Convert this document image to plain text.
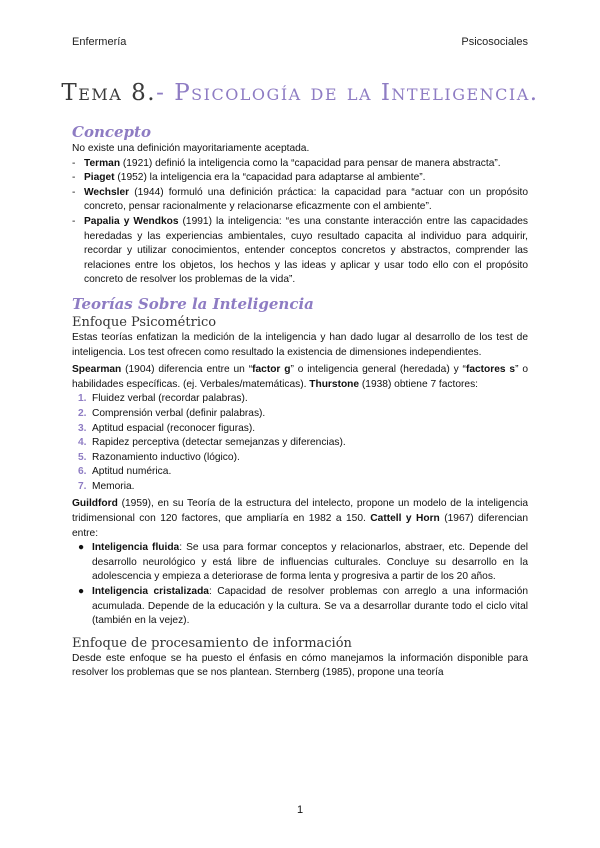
Enfermería	Psicosociales
Tema 8.- Psicología de la Inteligencia.
Concepto

No existe una definición mayoritariamente aceptada.

- Terman (1921) definió la inteligencia como la “capacidad para pensar de manera abstracta”.
- Piaget (1952) la inteligencia era la “capacidad para adaptarse al ambiente”.
- Wechsler (1944) formuló una definición práctica: la capacidad para “actuar con un propósito concreto, pensar racionalmente y relacionarse eficazmente con el ambiente”.
- Papalia y Wendkos (1991) la inteligencia: “es una constante interacción entre las capacidades heredadas y las experiencias ambientales, cuyo resultado capacita al individuo para adquirir, recordar y utilizar conocimientos, entender conceptos concretos y abstractos, comprender las relaciones entre los objetos, los hechos y las ideas y aplicar y usar todo ello con el propósito concreto de resolver los problemas de la vida”.
Teorías Sobre la Inteligencia
Enfoque Psicométrico

Estas teorías enfatizan la medición de la inteligencia y han dado lugar al desarrollo de los test de inteligencia. Los test ofrecen como resultado la existencia de dimensiones independientes.

Spearman (1904) diferencia entre un “factor g” o inteligencia general (heredada) y “factores s” o habilidades específicas. (ej. Verbales/matemáticas). Thurstone (1938) obtiene 7 factores:

1. Fluidez verbal (recordar palabras).
2. Comprensión verbal (definir palabras).
3. Aptitud espacial (reconocer figuras).
4. Rapidez perceptiva (detectar semejanzas y diferencias).
5. Razonamiento inductivo (lógico).
6. Aptitud numérica.
7. Memoria.

Guildford (1959), en su Teoría de la estructura del intelecto, propone un modelo de la inteligencia tridimensional con 120 factores, que ampliaría en 1982 a 150. Cattell y Horn (1967) diferencian entre:

● Inteligencia fluida: Se usa para formar conceptos y relacionarlos, abstraer, etc. Depende del desarrollo neurológico y está libre de influencias culturales. Concluye su desarrollo en la adolescencia y empieza a deteriorase de forma lenta y progresiva a partir de los 20 años.
● Inteligencia cristalizada: Capacidad de resolver problemas con arreglo a una información acumulada. Depende de la educación y la cultura. Se va a desarrollar durante todo el ciclo vital (también en la vejez).
Enfoque de procesamiento de información

Desde este enfoque se ha puesto el énfasis en cómo manejamos la información disponible para resolver los problemas que se nos plantean. Sternberg (1985), propone una teoría

1
